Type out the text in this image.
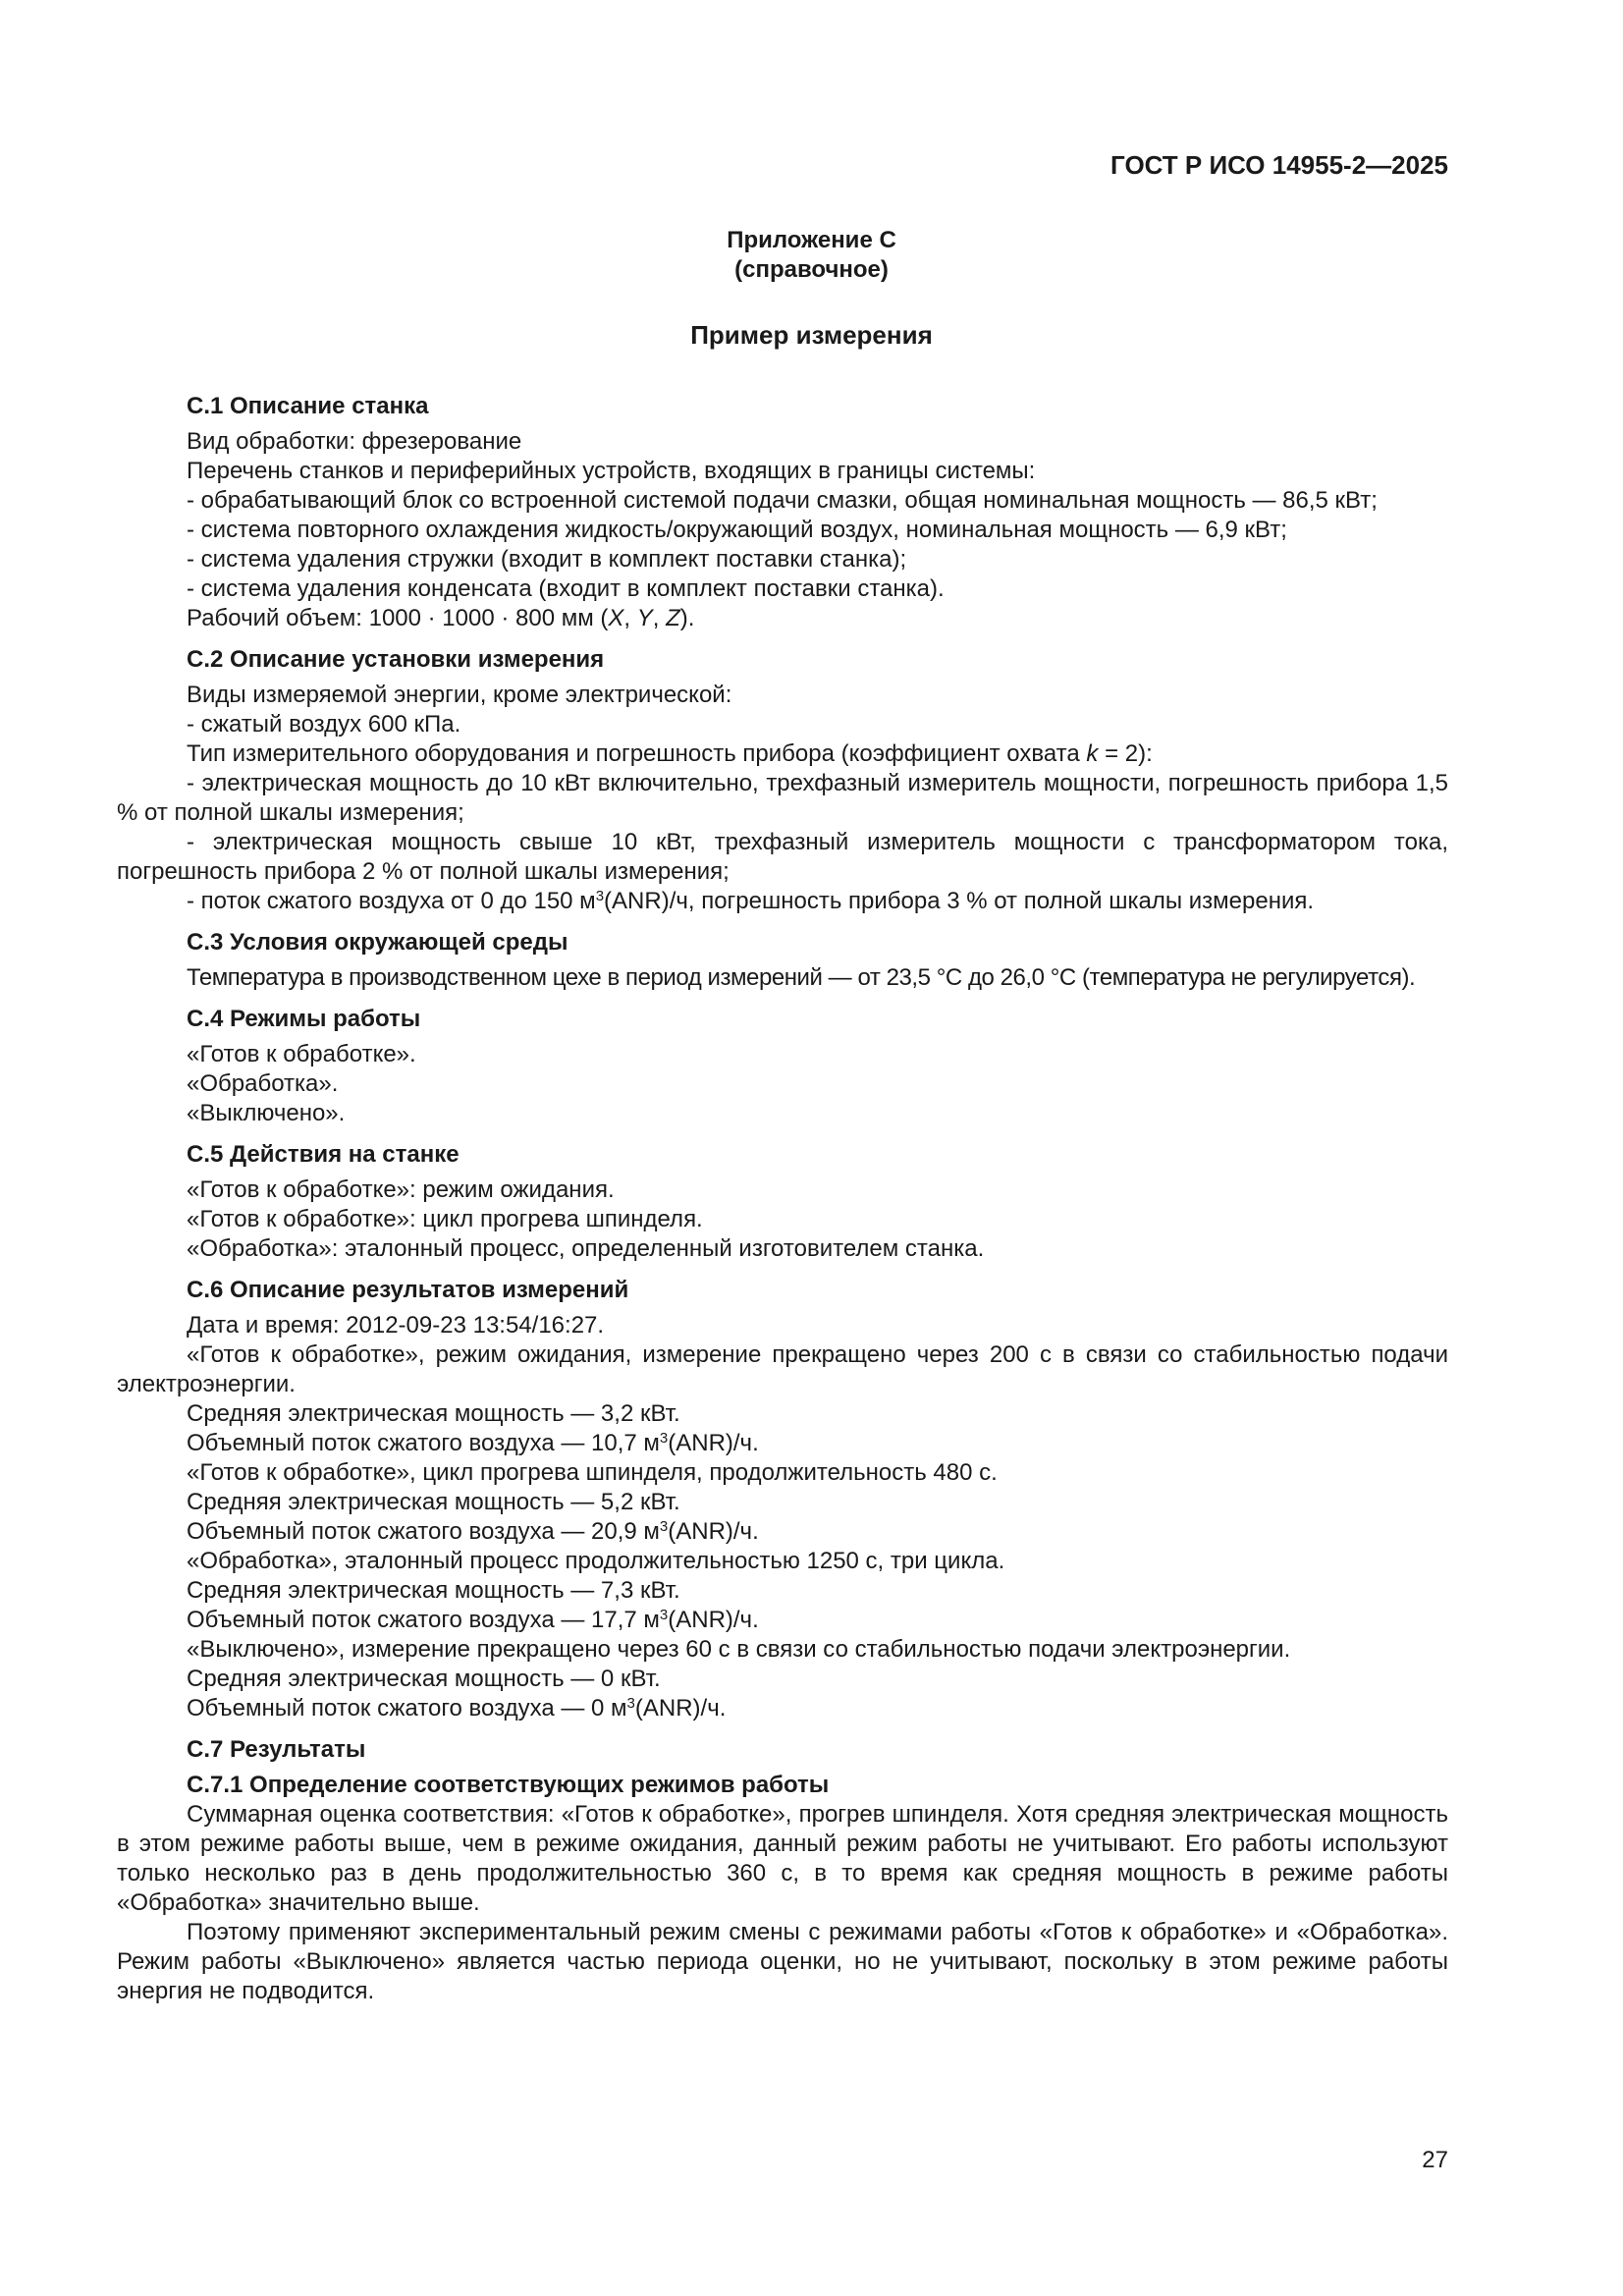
ГОСТ Р ИСО 14955-2—2025
Приложение С
(справочное)
Пример измерения
С.1 Описание станка
Вид обработки: фрезерование
Перечень станков и периферийных устройств, входящих в границы системы:
- обрабатывающий блок со встроенной системой подачи смазки, общая номинальная мощность — 86,5 кВт;
- система повторного охлаждения жидкость/окружающий воздух, номинальная мощность — 6,9 кВт;
- система удаления стружки (входит в комплект поставки станка);
- система удаления конденсата (входит в комплект поставки станка).
Рабочий объем: 1000 · 1000 · 800 мм (X, Y, Z).
С.2 Описание установки измерения
Виды измеряемой энергии, кроме электрической:
- сжатый воздух 600 кПа.
Тип измерительного оборудования и погрешность прибора (коэффициент охвата k = 2):
- электрическая мощность до 10 кВт включительно, трехфазный измеритель мощности, погрешность прибора 1,5 % от полной шкалы измерения;
- электрическая мощность свыше 10 кВт, трехфазный измеритель мощности с трансформатором тока, погрешность прибора 2 % от полной шкалы измерения;
- поток сжатого воздуха от 0 до 150 $м^3(ANR)/ч$, погрешность прибора 3 % от полной шкалы измерения.
С.3 Условия окружающей среды
Температура в производственном цехе в период измерений — от 23,5 °С до 26,0 °С (температура не регулируется).
С.4 Режимы работы
«Готов к обработке».
«Обработка».
«Выключено».
С.5 Действия на станке
«Готов к обработке»: режим ожидания.
«Готов к обработке»: цикл прогрева шпинделя.
«Обработка»: эталонный процесс, определенный изготовителем станка.
С.6 Описание результатов измерений
Дата и время: 2012-09-23 13:54/16:27.
«Готов к обработке», режим ожидания, измерение прекращено через 200 с в связи со стабильностью подачи электроэнергии.
Средняя электрическая мощность — 3,2 кВт.
Объемный поток сжатого воздуха — 10,7 $м^3(ANR)/ч$.
«Готов к обработке», цикл прогрева шпинделя, продолжительность 480 с.
Средняя электрическая мощность — 5,2 кВт.
Объемный поток сжатого воздуха — 20,9 $м^3(ANR)/ч$.
«Обработка», эталонный процесс продолжительностью 1250 с, три цикла.
Средняя электрическая мощность — 7,3 кВт.
Объемный поток сжатого воздуха — 17,7 $м^3(ANR)/ч$.
«Выключено», измерение прекращено через 60 с в связи со стабильностью подачи электроэнергии.
Средняя электрическая мощность — 0 кВт.
Объемный поток сжатого воздуха — 0 $м^3(ANR)/ч$.
С.7 Результаты
С.7.1 Определение соответствующих режимов работы
Суммарная оценка соответствия: «Готов к обработке», прогрев шпинделя. Хотя средняя электрическая мощность в этом режиме работы выше, чем в режиме ожидания, данный режим работы не учитывают. Его работы используют только несколько раз в день продолжительностью 360 с, в то время как средняя мощность в режиме работы «Обработка» значительно выше.
Поэтому применяют экспериментальный режим смены с режимами работы «Готов к обработке» и «Обработка». Режим работы «Выключено» является частью периода оценки, но не учитывают, поскольку в этом режиме работы энергия не подводится.
27
